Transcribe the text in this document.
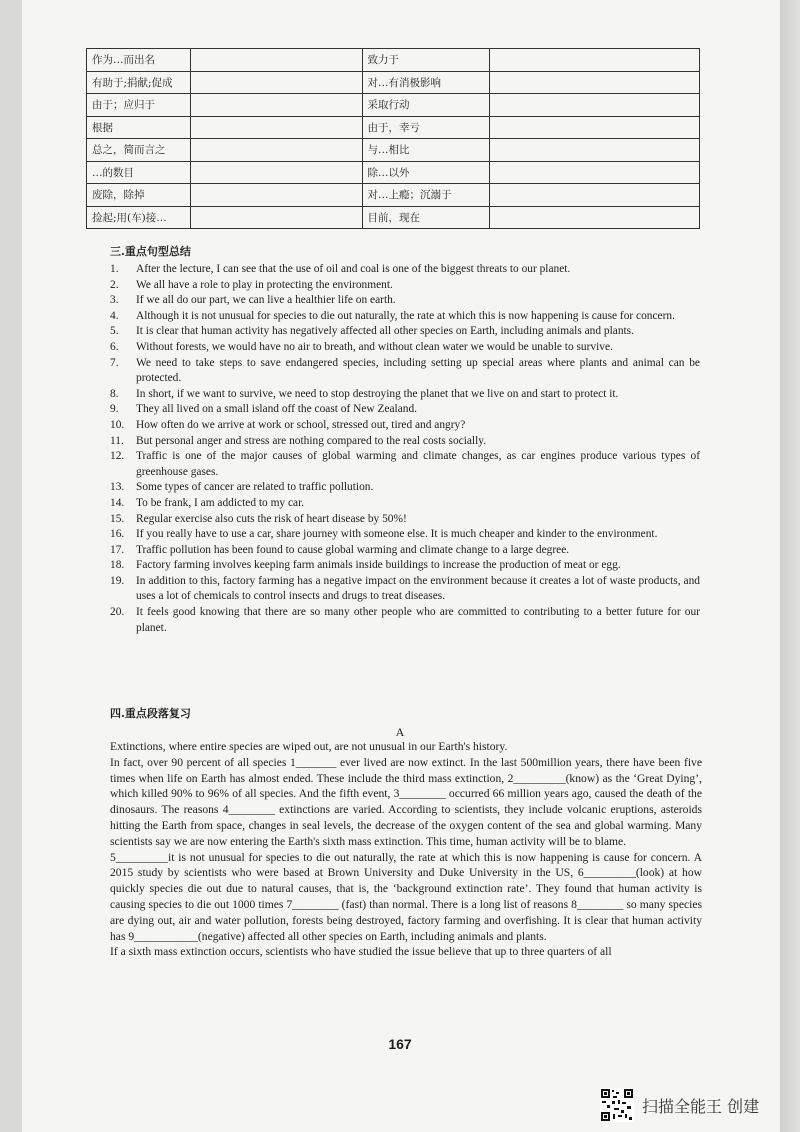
作为…而出名		致力于	
有助于;捐献;促成		对…有消极影响	
由于；应归于		采取行动	
根据		由于，幸亏	
总之，简而言之		与…相比	
…的数目		除…以外	
废除，除掉		对…上瘾；沉溺于	
捡起;用(车)接…		目前，现在	
三.重点句型总结
1.	After the lecture, I can see that the use of oil and coal is one of the biggest threats to our planet.
2.	We all have a role to play in protecting the environment.
3.	If we all do our part, we can live a healthier life on earth.
4.	Although it is not unusual for species to die out naturally, the rate at which this is now happening is cause for concern.
5.	It is clear that human activity has negatively affected all other species on Earth, including animals and plants.
6.	Without forests, we would have no air to breath, and without clean water we would be unable to survive.
7.	We need to take steps to save endangered species, including setting up special areas where plants and animal can be protected.
8.	In short, if we want to survive, we need to stop destroying the planet that we live on and start to protect it.
9.	They all lived on a small island off the coast of New Zealand.
10.	How often do we arrive at work or school, stressed out, tired and angry?
11.	But personal anger and stress are nothing compared to the real costs socially.
12.	Traffic is one of the major causes of global warming and climate changes, as car engines produce various types of greenhouse gases.
13.	Some types of cancer are related to traffic pollution.
14.	To be frank, I am addicted to my car.
15.	Regular exercise also cuts the risk of heart disease by 50%!
16.	If you really have to use a car, share journey with someone else. It is much cheaper and kinder to the environment.
17.	Traffic pollution has been found to cause global warming and climate change to a large degree.
18.	Factory farming involves keeping farm animals inside buildings to increase the production of meat or egg.
19.	In addition to this, factory farming has a negative impact on the environment because it creates a lot of waste products, and uses a lot of chemicals to control insects and drugs to treat diseases.
20.	It feels good knowing that there are so many other people who are committed to contributing to a better future for our planet.
四.重点段落复习
A

Extinctions, where entire species are wiped out, are not unusual in our Earth's history.

In fact, over 90 percent of all species 1_______ ever lived are now extinct. In the last 500million years, there have been five times when life on Earth has almost ended. These include the third mass extinction, 2_________(know) as the ‘Great Dying’, which killed 90% to 96% of all species. And the fifth event, 3________ occurred 66 million years ago, caused the death of the dinosaurs. The reasons 4________ extinctions are varied. According to scientists, they include volcanic eruptions, asteroids hitting the Earth from space, changes in seal levels, the decrease of the oxygen content of the sea and global warming. Many scientists say we are now entering the Earth's sixth mass extinction. This time, human activity will be to blame.

5_________it is not unusual for species to die out naturally, the rate at which this is now happening is cause for concern. A 2015 study by scientists who were based at Brown University and Duke University in the US, 6_________(look) at how quickly species die out due to natural causes, that is, the ‘background extinction rate’. They found that human activity is causing species to die out 1000 times 7________ (fast) than normal. There is a long list of reasons 8________ so many species are dying out, air and water pollution, forests being destroyed, factory farming and overfishing. It is clear that human activity has 9___________(negative) affected all other species on Earth, including animals and plants.

If a sixth mass extinction occurs, scientists who have studied the issue believe that up to three quarters of all

167
扫描全能王 创建
